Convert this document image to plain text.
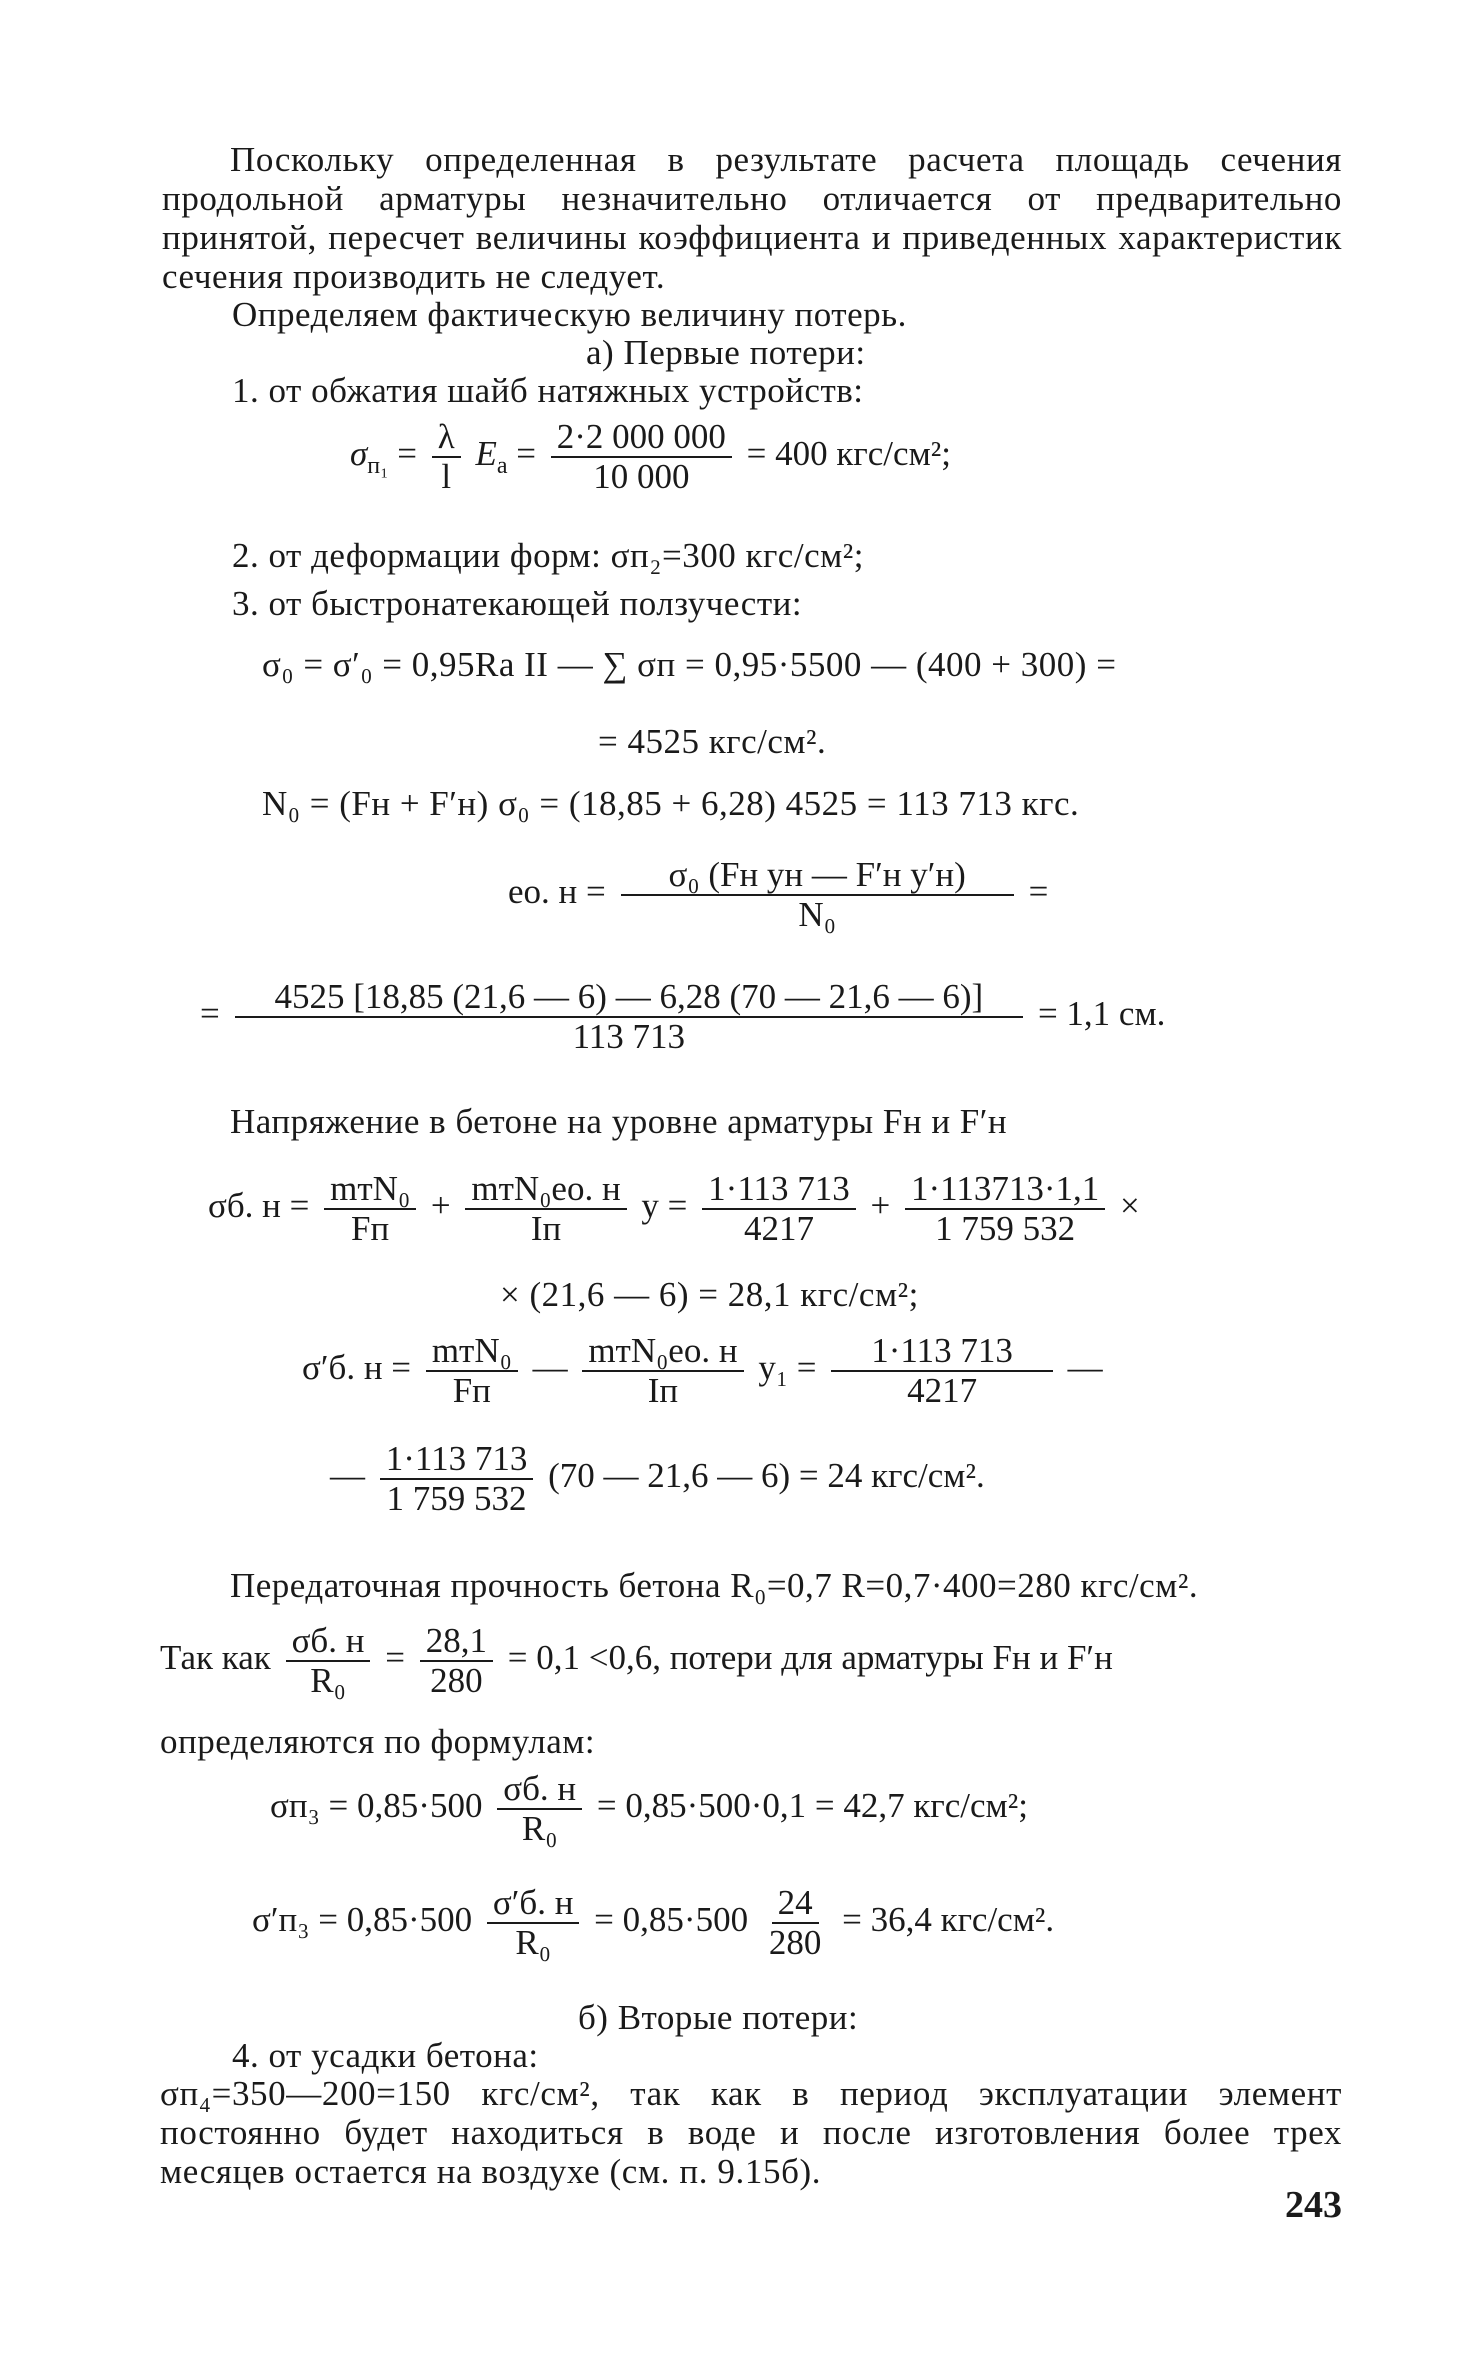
Поскольку определенная в результате расчета площадь сечения продольной арматуры незначительно отличается от предварительно принятой, пересчет величины коэффициента и приведенных характеристик сечения производить не следует.
Определяем фактическую величину потерь.
а) Первые потери:
1. от обжатия шайб натяжных устройств:
$\sigma_{п_1} = \frac{\lambda}{l} E_а = \frac{2\cdot 2 000 000}{10 000} = 400$ кгс/см²;
2. от деформации форм: σп₂=300 кгс/см²;
3. от быстронатекающей ползучести:
σ₀ = σ′₀ = 0,95Rа II — ∑ σп = 0,95·5500 — (400 + 300) =
= 4525 кгс/см².
N₀ = (Fн + F′н) σ₀ = (18,85 + 6,28) 4525 = 113 713 кгс.
eо. $н = \frac{\text{σ₀ (Fн yн — F′н y′н)}}{\text{N₀}}$ =
= $\frac{4525 [18,85 (21,6 — 6) — 6,28 (70 — 21,6 — 6)]}{113 713} = 1,1$ см.
Напряжение в бетоне на уровне арматуры Fн и F′н
σб. $н = \frac{\text{mтN₀}}{Fп} + \frac{\text{mтN₀eо. н}}{Iп}$ $y = \frac{1\cdot 113 713}{4217} + \frac{1\cdot 113713\cdot 1,1}{1 759 532}$ ×
× (21,6 — 6) = 28,1 кгс/см²;
σ′б. $н = \frac{\text{mтN₀}}{Fп}$ — $\frac{\text{mтN₀eо. н}}{Iп} y_1 = \frac{1\cdot 113 713}{4217}$ —
— $\frac{1\cdot 113 713}{1 759 532} (70$ — 21,6 — 6) = 24 кгс/см².
Передаточная прочность бетона R₀=0,7 R=0,7·400=280 кгс/см².
Так как $\frac{\sigma б. н}{\text{R₀}} = \frac{28,1}{280} = 0,1 <0,6$, потери для арматуры Fн и F′н
определяются по формулам:
$\sigma п_3 = 0,85\cdot 500 \frac{\sigma б. н}{\text{R₀}} = 0,85\cdot 500\cdot 0,1 = 42,7$ кгс/см²;
$\sigma'п_3 = 0,85\cdot 500 \frac{\sigma'б. н}{\text{R₀}} = 0,85\cdot 500 \frac{24}{280} = 36,4$ кгс/см².
б) Вторые потери:
4. от усадки бетона:
σп₄=350—200=150 кгс/см², так как в период эксплуатации элемент постоянно будет находиться в воде и после изготовления более трех месяцев остается на воздухе (см. п. 9.15б).
243
